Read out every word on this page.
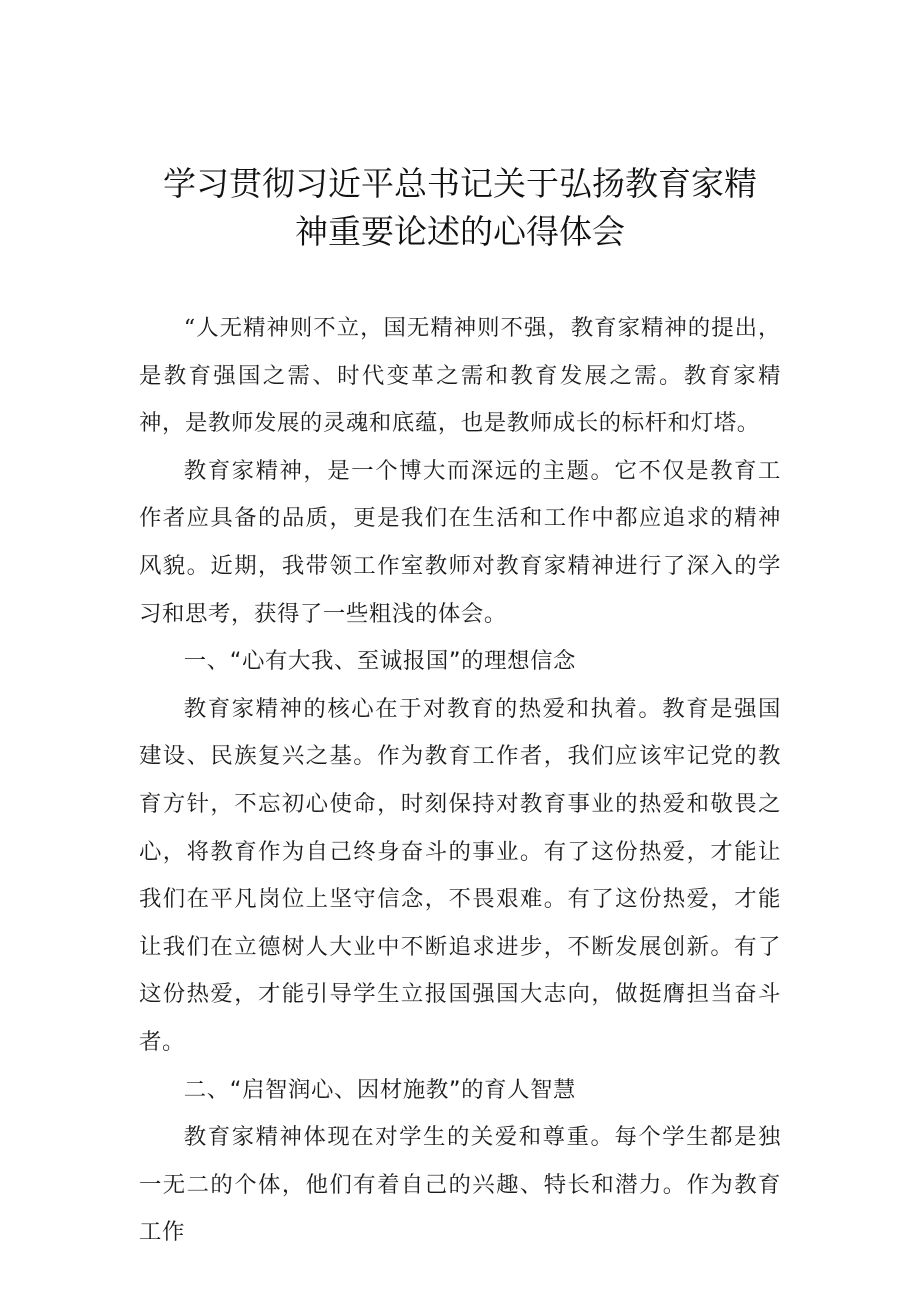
学习贯彻习近平总书记关于弘扬教育家精
神重要论述的心得体会

“人无精神则不立，国无精神则不强，教育家精神的提出，是教育强国之需、时代变革之需和教育发展之需。教育家精神，是教师发展的灵魂和底蕴，也是教师成长的标杆和灯塔。

教育家精神，是一个博大而深远的主题。它不仅是教育工作者应具备的品质，更是我们在生活和工作中都应追求的精神风貌。近期，我带领工作室教师对教育家精神进行了深入的学习和思考，获得了一些粗浅的体会。

一、“心有大我、至诚报国”的理想信念

教育家精神的核心在于对教育的热爱和执着。教育是强国建设、民族复兴之基。作为教育工作者，我们应该牢记党的教育方针，不忘初心使命，时刻保持对教育事业的热爱和敬畏之心，将教育作为自己终身奋斗的事业。有了这份热爱，才能让我们在平凡岗位上坚守信念，不畏艰难。有了这份热爱，才能让我们在立德树人大业中不断追求进步，不断发展创新。有了这份热爱，才能引导学生立报国强国大志向，做挺膺担当奋斗者。

二、“启智润心、因材施教”的育人智慧

教育家精神体现在对学生的关爱和尊重。每个学生都是独一无二的个体，他们有着自己的兴趣、特长和潜力。作为教育工作
